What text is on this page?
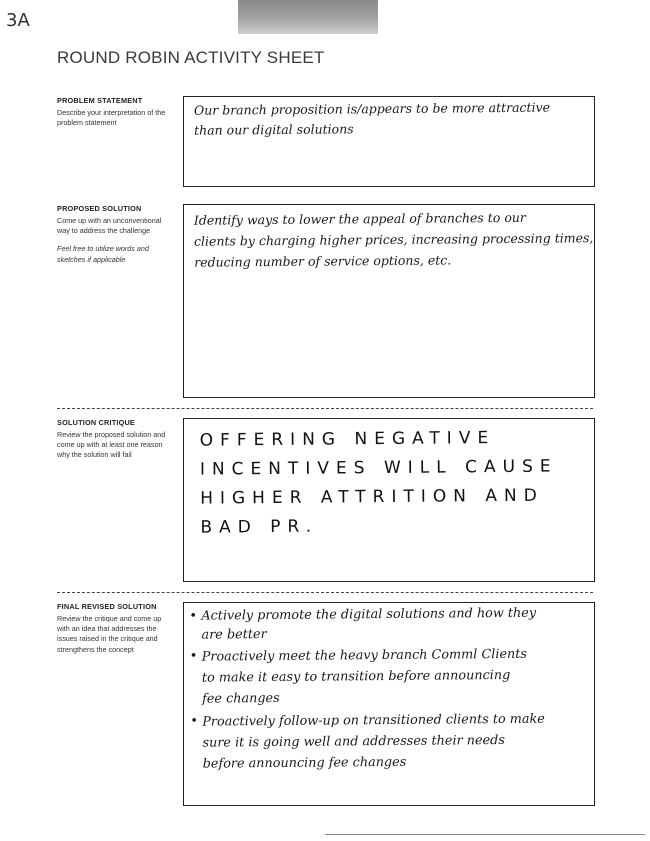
3A
ROUND ROBIN ACTIVITY SHEET
PROBLEM STATEMENT
Describe your interpretation of the problem statement
Our branch proposition is/appears to be more attractive
than our digital solutions
PROPOSED SOLUTION
Come up with an unconventional way to address the challenge
Feel free to utilize words and sketches if applicable
Identify ways to lower the appeal of branches to our
clients by charging higher prices, increasing processing times,
reducing number of service options, etc.
SOLUTION CRITIQUE
Review the proposed solution and come up with at least one reason why the solution will fail
OFFERING NEGATIVE
INCENTIVES WILL CAUSE
HIGHER ATTRITION AND
BAD PR.
FINAL REVISED SOLUTION
Review the critique and come up with an idea that addresses the issues raised in the critique and strengthens the concept
• Actively promote the digital solutions and how they
are better
• Proactively meet the heavy branch Comml Clients
to make it easy to transition before announcing
fee changes
• Proactively follow-up on transitioned clients to make
sure it is going well and addresses their needs
before announcing fee changes
